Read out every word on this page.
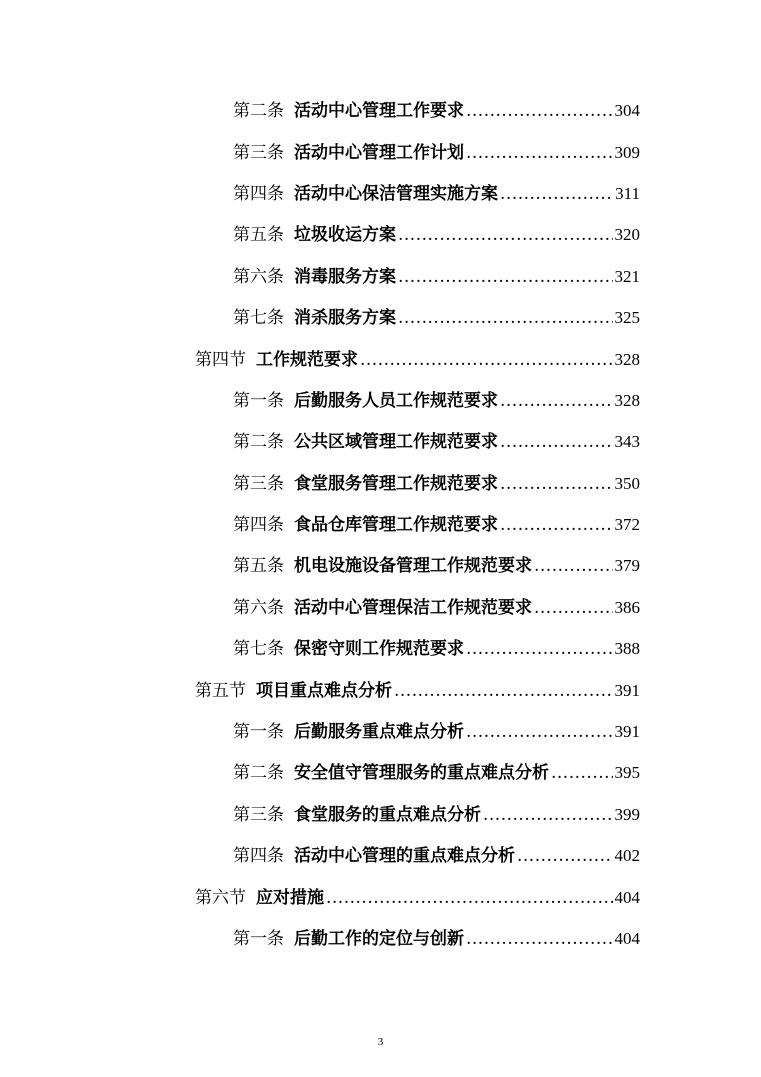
第二条 活动中心管理工作要求 .....	304
第三条 活动中心管理工作计划 .....	309
第四条 活动中心保洁管理实施方案 .....	311
第五条 垃圾收运方案 .....	320
第六条 消毒服务方案 .....	321
第七条 消杀服务方案 .....	325
第四节 工作规范要求 .....	328
第一条 后勤服务人员工作规范要求 .....	328
第二条 公共区域管理工作规范要求 .....	343
第三条 食堂服务管理工作规范要求 .....	350
第四条 食品仓库管理工作规范要求 .....	372
第五条 机电设施设备管理工作规范要求 .....	379
第六条 活动中心管理保洁工作规范要求 .....	386
第七条 保密守则工作规范要求 .....	388
第五节 项目重点难点分析 .....	391
第一条 后勤服务重点难点分析 .....	391
第二条 安全值守管理服务的重点难点分析 .....	395
第三条 食堂服务的重点难点分析 .....	399
第四条 活动中心管理的重点难点分析 .....	402
第六节 应对措施 .....	404
第一条 后勤工作的定位与创新 .....	404
3
